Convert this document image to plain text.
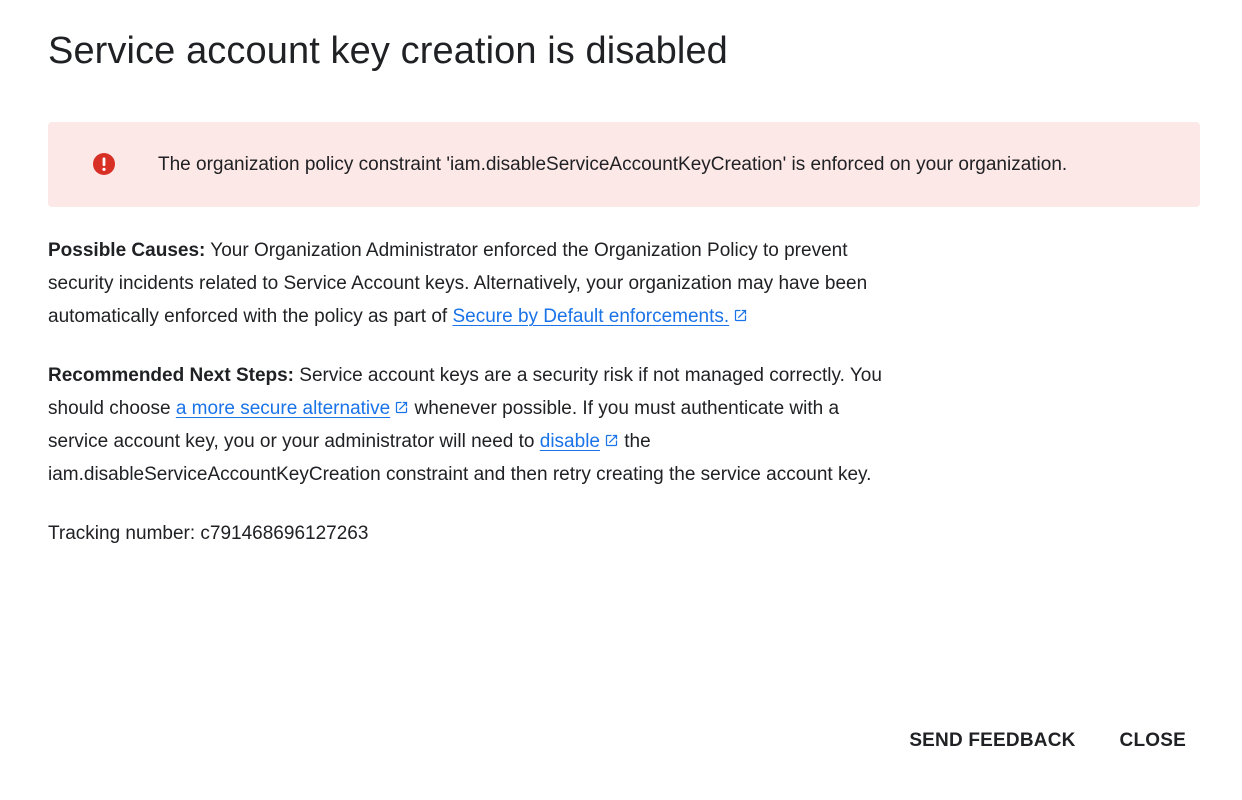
Service account key creation is disabled
The organization policy constraint 'iam.disableServiceAccountKeyCreation' is enforced on your organization.

Possible Causes: Your Organization Administrator enforced the Organization Policy to prevent security incidents related to Service Account keys. Alternatively, your organization may have been automatically enforced with the policy as part of Secure by Default enforcements.

Recommended Next Steps: Service account keys are a security risk if not managed correctly. You should choose a more secure alternative whenever possible. If you must authenticate with a service account key, you or your administrator will need to disable the iam.disableServiceAccountKeyCreation constraint and then retry creating the service account key.

Tracking number: c791468696127263

SEND FEEDBACK	CLOSE
